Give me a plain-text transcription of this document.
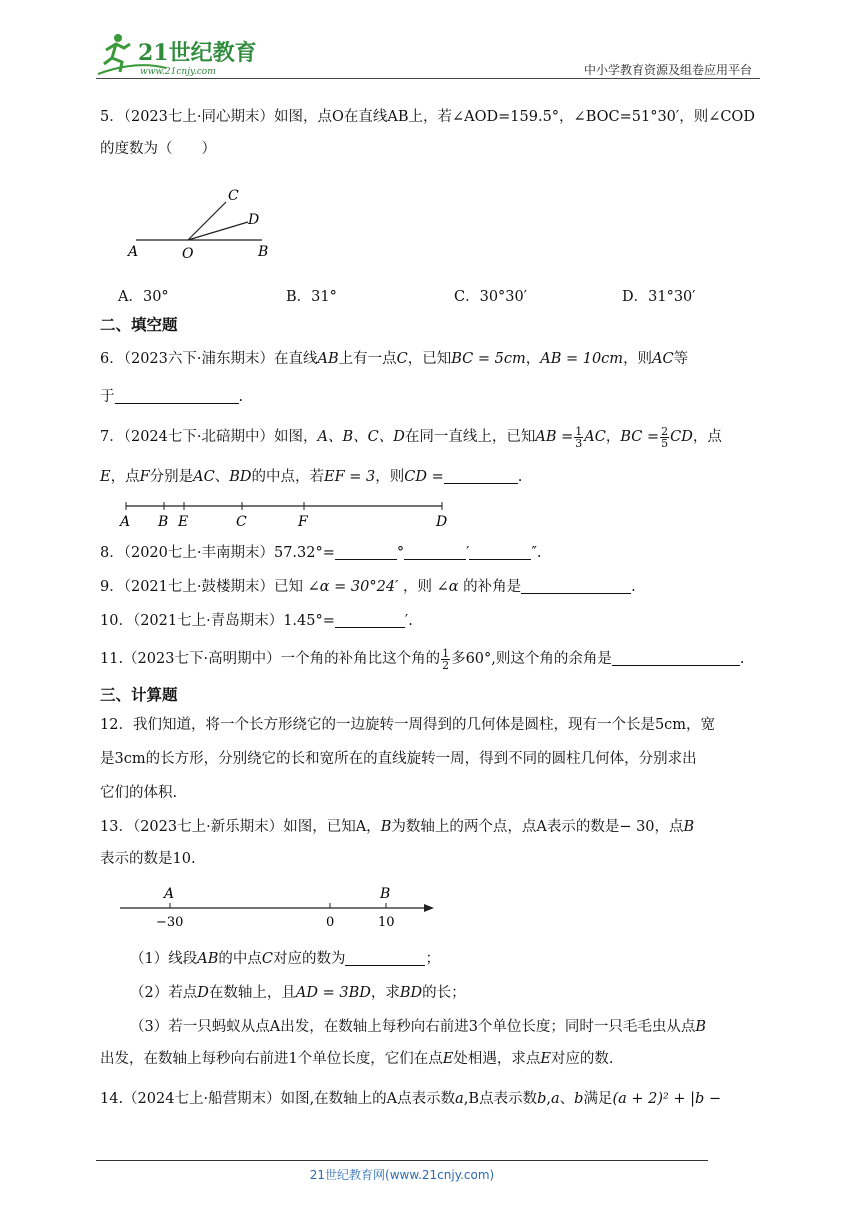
21世纪教育
www.21cnjy.com	中小学教育资源及组卷应用平台
5．（2023七上·同心期末）如图，点O在直线AB上，若∠AOD=159.5°，∠BOC=51°30′，则∠COD
的度数为（　　）
A	O	B
C
D
A．30°	B．31°	C．30°30′	D．31°30′
二、填空题
6．（2023六下·浦东期末）在直线AB上有一点C，已知BC = 5cm，AB = 10cm，则AC等
于	.
7．（2024七下·北碚期中）如图，A、B、C、D在同一直线上，已知AB = $\frac{1}{3}$ AC，BC = $\frac{2}{5}$ CD，点
E，点F分别是AC、BD的中点，若EF = 3，则CD =	.
A B E	C	F	D
8．（2020七上·丰南期末）57.32°=	°	′	″.
9．（2021七上·鼓楼期末）已知 ∠α = 30°24′ ，则 ∠α 的补角是	.
10．（2021七上·青岛期末）1.45°=	′.
11.（2023七下·高明期中）一个角的补角比这个角的 $\frac{1}{2}$ 多60°,则这个角的余角是	.
三、计算题
12．我们知道，将一个长方形绕它的一边旋转一周得到的几何体是圆柱，现有一个长是5cm，宽
是3cm的长方形，分别绕它的长和宽所在的直线旋转一周，得到不同的圆柱几何体，分别求出
它们的体积.
13．（2023七上·新乐期末）如图，已知A，B为数轴上的两个点，点A表示的数是− 30，点B
表示的数是10.
A	B
−30	0	10
（1）线段AB的中点C对应的数为	；
（2）若点D在数轴上，且AD = 3BD，求BD的长；
（3）若一只蚂蚁从点A出发，在数轴上每秒向右前进3个单位长度；同时一只毛毛虫从点B
出发，在数轴上每秒向右前进1个单位长度，它们在点E处相遇，求点E对应的数.
14.（2024七上·船营期末）如图,在数轴上的A点表示数a,B点表示数b,a、b满足(a + 2)² + |b −
21世纪教育网(www.21cnjy.com)
